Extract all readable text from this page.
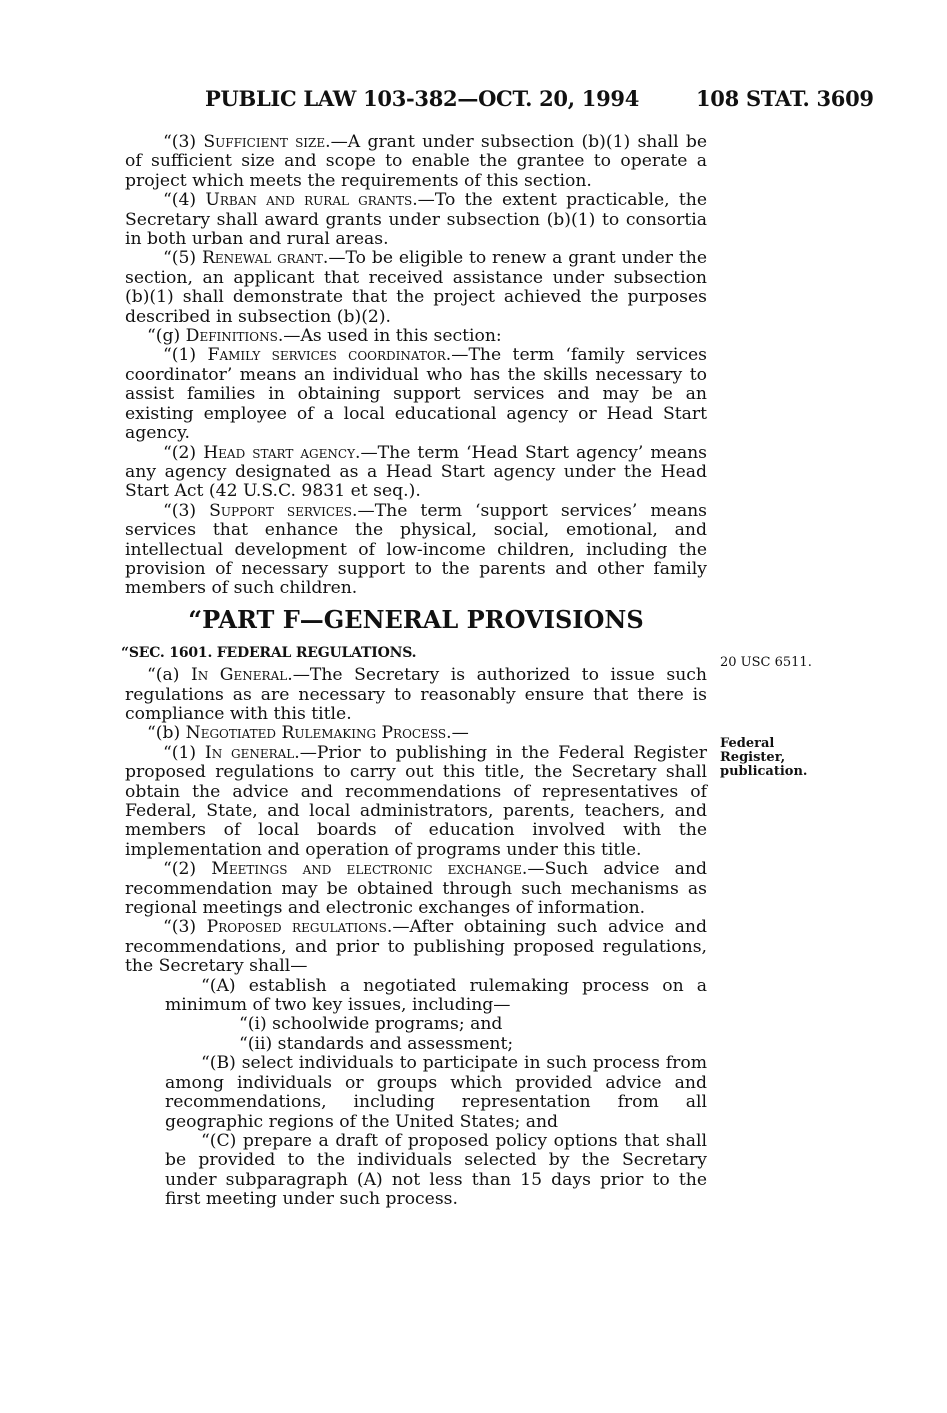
PUBLIC LAW 103-382—OCT. 20, 1994	108 STAT. 3609

“(3) Sufficient size.—A grant under subsection (b)(1) shall be of sufficient size and scope to enable the grantee to operate a project which meets the requirements of this section.

“(4) Urban and rural grants.—To the extent practicable, the Secretary shall award grants under subsection (b)(1) to consortia in both urban and rural areas.

“(5) Renewal grant.—To be eligible to renew a grant under the section, an applicant that received assistance under subsection (b)(1) shall demonstrate that the project achieved the purposes described in subsection (b)(2).

“(g) Definitions.—As used in this section:

“(1) Family services coordinator.—The term ‘family services coordinator’ means an individual who has the skills necessary to assist families in obtaining support services and may be an existing employee of a local educational agency or Head Start agency.

“(2) Head start agency.—The term ‘Head Start agency’ means any agency designated as a Head Start agency under the Head Start Act (42 U.S.C. 9831 et seq.).

“(3) Support services.—The term ‘support services’ means services that enhance the physical, social, emotional, and intellectual development of low-income children, including the provision of necessary support to the parents and other family members of such children.

“PART F—GENERAL PROVISIONS

“SEC. 1601. FEDERAL REGULATIONS.

“(a) In General.—The Secretary is authorized to issue such regulations as are necessary to reasonably ensure that there is compliance with this title.

“(b) Negotiated Rulemaking Process.—

“(1) In general.—Prior to publishing in the Federal Register proposed regulations to carry out this title, the Secretary shall obtain the advice and recommendations of representatives of Federal, State, and local administrators, parents, teachers, and members of local boards of education involved with the implementation and operation of programs under this title.

“(2) Meetings and electronic exchange.—Such advice and recommendation may be obtained through such mechanisms as regional meetings and electronic exchanges of information.

“(3) Proposed regulations.—After obtaining such advice and recommendations, and prior to publishing proposed regulations, the Secretary shall—

“(A) establish a negotiated rulemaking process on a minimum of two key issues, including—

“(i) schoolwide programs; and

“(ii) standards and assessment;

“(B) select individuals to participate in such process from among individuals or groups which provided advice and recommendations, including representation from all geographic regions of the United States; and

“(C) prepare a draft of proposed policy options that shall be provided to the individuals selected by the Secretary under subparagraph (A) not less than 15 days prior to the first meeting under such process.

20 USC 6511.
Federal Register, publication.
